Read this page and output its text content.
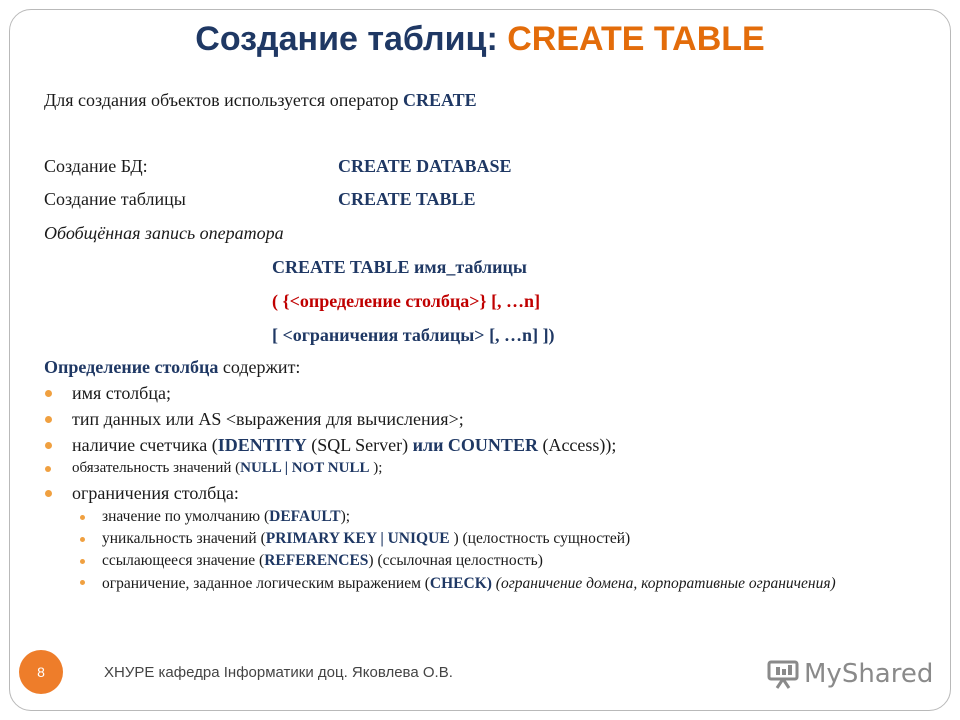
Создание таблиц: CREATE TABLE
Для создания объектов используется оператор CREATE
Создание БД:	CREATE DATABASE
Создание таблицы	CREATE TABLE
Обобщённая запись оператора
CREATE TABLE имя_таблицы
( {<определение столбца>} [, …n]
[ <ограничения таблицы> [, …n] ])
Определение столбца содержит:
имя столбца;
тип данных или AS <выражения для вычисления>;
наличие счетчика (IDENTITY (SQL Server) или COUNTER (Access));
обязательность значений (NULL | NOT NULL );
ограничения столбца:
значение по умолчанию (DEFAULT);
уникальность значений (PRIMARY KEY | UNIQUE ) (целостность сущностей)
ссылающееся значение (REFERENCES) (ссылочная целостность)
ограничение, заданное логическим выражением (CHECK) (ограничение домена, корпоративные ограничения)
8	ХНУРЕ кафедра Інформатики доц. Яковлева О.В.	MyShared
